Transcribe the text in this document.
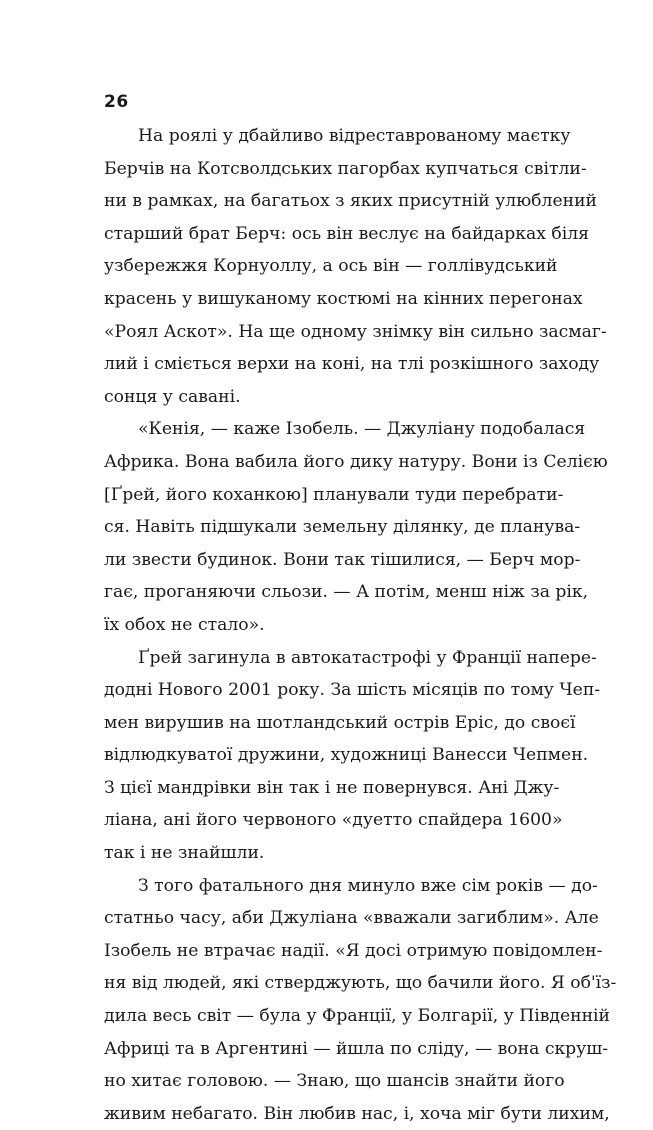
26
На роялі у дбайливо відреставрованому маєтку
Берчів на Котсволдських пагорбах купчаться світли-
ни в рамках, на багатьох з яких присутній улюблений
старший брат Берч: ось він веслує на байдарках біля
узбережжя Корнуоллу, а ось він — голлівудський
красень у вишуканому костюмі на кінних перегонах
«Роял Аскот». На ще одному знімку він сильно засмаг-
лий і сміється верхи на коні, на тлі розкішного заходу
сонця у савані.
«Кенія, — каже Ізобель. — Джуліану подобалася
Африка. Вона вабила його дику натуру. Вони із Селією
[Ґрей, його коханкою] планували туди перебрати-
ся. Навіть підшукали земельну ділянку, де планува-
ли звести будинок. Вони так тішилися, — Берч мор-
гає, проганяючи сльози. — А потім, менш ніж за рік,
їх обох не стало».
Ґрей загинула в автокатастрофі у Франції напере-
додні Нового 2001 року. За шість місяців по тому Чеп-
мен вирушив на шотландський острів Еріс, до своєї
відлюдкуватої дружини, художниці Ванесси Чепмен.
З цієї мандрівки він так і не повернувся. Ані Джу-
ліана, ані його червоного «дуетто спайдера 1600»
так і не знайшли.
З того фатального дня минуло вже сім років — до-
статньо часу, аби Джуліана «вважали загиблим». Але
Ізобель не втрачає надії. «Я досі отримую повідомлен-
ня від людей, які стверджують, що бачили його. Я об'їз-
дила весь світ — була у Франції, у Болгарії, у Південній
Африці та в Аргентині — йшла по сліду, — вона скруш-
но хитає головою. — Знаю, що шансів знайти його
живим небагато. Він любив нас, і, хоча міг бути лихим,
